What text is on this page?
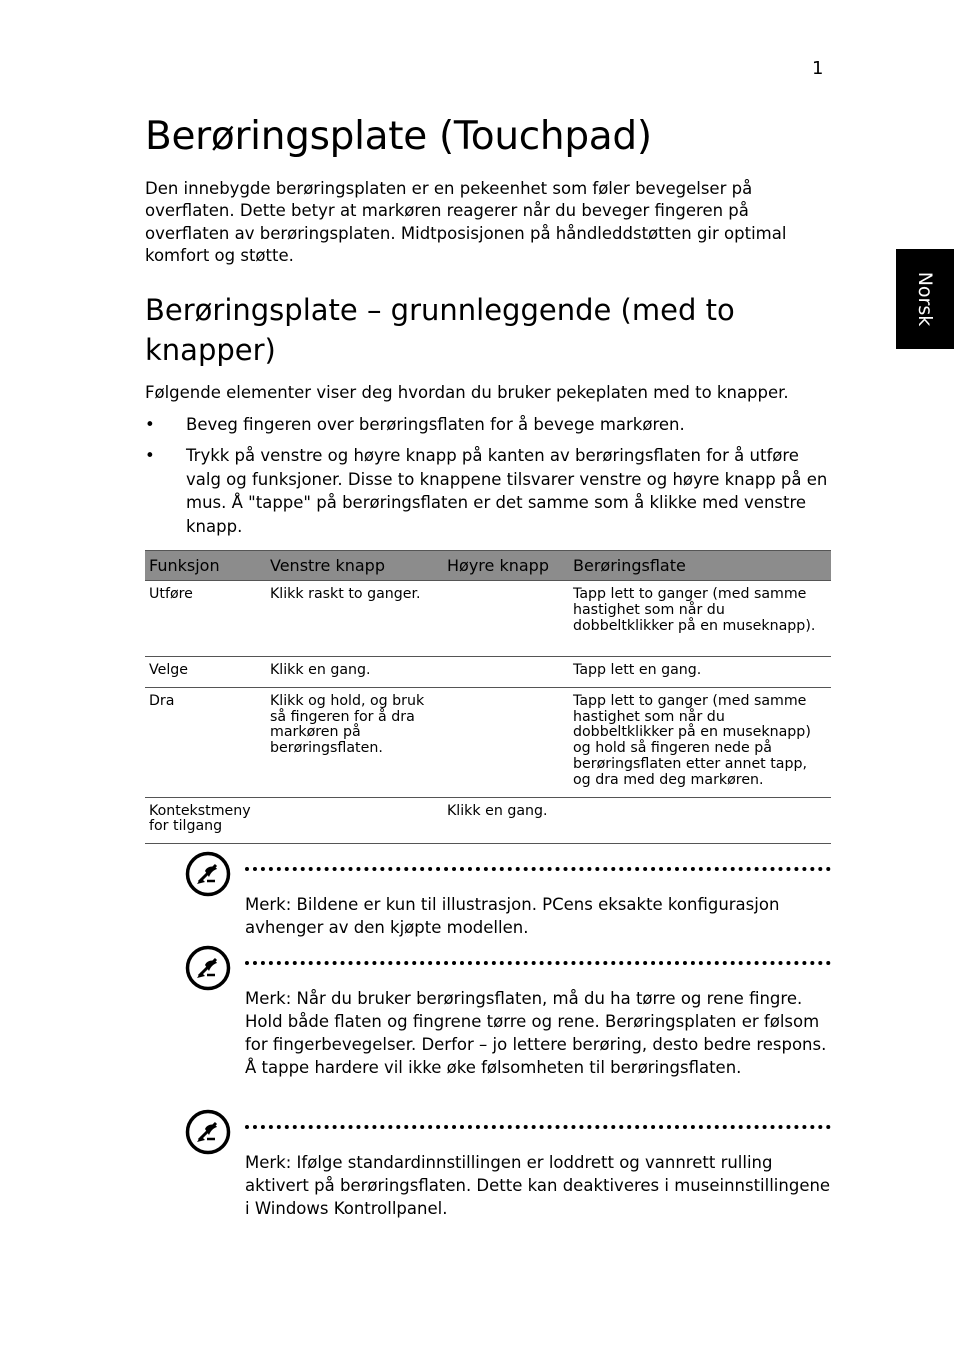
1
Berøringsplate (Touchpad)

Den innebygde berøringsplaten er en pekeenhet som føler bevegelser på overflaten. Dette betyr at markøren reagerer når du beveger fingeren på overflaten av berøringsplaten. Midtposisjonen på håndleddstøtten gir optimal komfort og støtte.

Norsk
Berøringsplate – grunnleggende (med to knapper)

Følgende elementer viser deg hvordan du bruker pekeplaten med to knapper.

• Beveg fingeren over berøringsflaten for å bevege markøren.
• Trykk på venstre og høyre knapp på kanten av berøringsflaten for å utføre valg og funksjoner. Disse to knappene tilsvarer venstre og høyre knapp på en mus. Å "tappe" på berøringsflaten er det samme som å klikke med venstre knapp.
Funksjon	Venstre knapp	Høyre knapp	Berøringsflate
Utføre	Klikk raskt to ganger.		Tapp lett to ganger (med samme hastighet som når du dobbeltklikker på en museknapp).
Velge	Klikk en gang.		Tapp lett en gang.
Dra	Klikk og hold, og bruk så fingeren for å dra markøren på berøringsflaten.		Tapp lett to ganger (med samme hastighet som når du dobbeltklikker på en museknapp) og hold så fingeren nede på berøringsflaten etter annet tapp, og dra med deg markøren.
Kontekstmeny for tilgang		Klikk en gang.	

Merk: Bildene er kun til illustrasjon. PCens eksakte konfigurasjon avhenger av den kjøpte modellen.

Merk: Når du bruker berøringsflaten, må du ha tørre og rene fingre. Hold både flaten og fingrene tørre og rene. Berøringsplaten er følsom for fingerbevegelser. Derfor – jo lettere berøring, desto bedre respons. Å tappe hardere vil ikke øke følsomheten til berøringsflaten.

Merk: Ifølge standardinnstillingen er loddrett og vannrett rulling aktivert på berøringsflaten. Dette kan deaktiveres i museinnstillingene i Windows Kontrollpanel.
